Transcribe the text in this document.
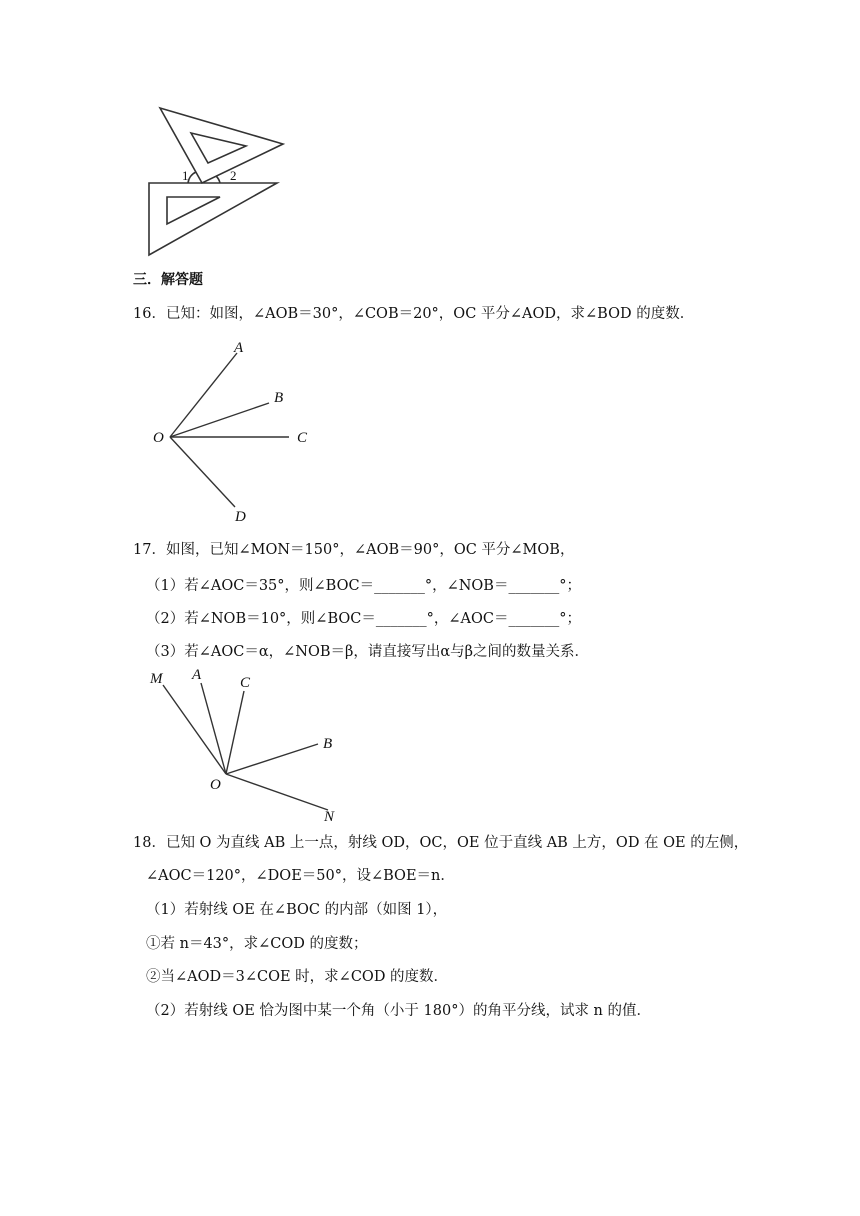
1	2
三．解答题
16．已知：如图，∠AOB＝30°，∠COB＝20°，OC 平分∠AOD，求∠BOD 的度数．
A
B
O	C
D
17．如图，已知∠MON＝150°，∠AOB＝90°，OC 平分∠MOB，
（1）若∠AOC＝35°，则∠BOC＝_______°，∠NOB＝_______°；
（2）若∠NOB＝10°，则∠BOC＝_______°，∠AOC＝_______°；
（3）若∠AOC＝α，∠NOB＝β，请直接写出α与β之间的数量关系．
M A	C
B
O
N
18．已知 O 为直线 AB 上一点，射线 OD，OC，OE 位于直线 AB 上方，OD 在 OE 的左侧，
∠AOC＝120°，∠DOE＝50°，设∠BOE＝n．
（1）若射线 OE 在∠BOC 的内部（如图 1），
①若 n＝43°，求∠COD 的度数；
②当∠AOD＝3∠COE 时，求∠COD 的度数．
（2）若射线 OE 恰为图中某一个角（小于 180°）的角平分线，试求 n 的值．
